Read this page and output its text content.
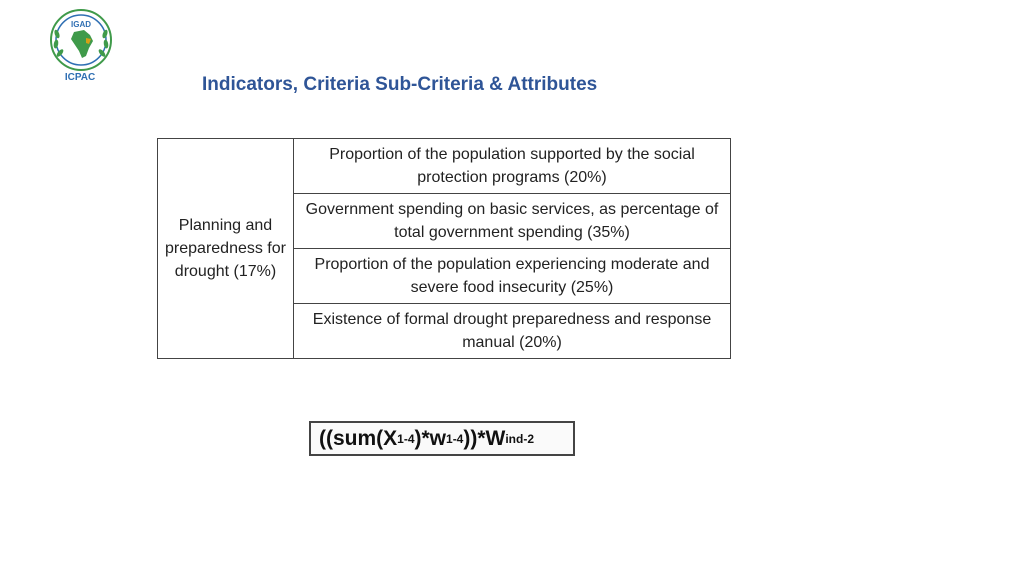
IGAD
ICPAC	Indicators, Criteria Sub-Criteria & Attributes
Planning and preparedness for drought (17%)	Proportion of the population supported by the social protection programs (20%)
Government spending on basic services, as percentage of total government spending (35%)
Proportion of the population experiencing moderate and severe food insecurity (25%)
Existence of formal drought preparedness and response manual (20%)
((sum(X 1-4 )*w 1-4 ))*W ind-2
